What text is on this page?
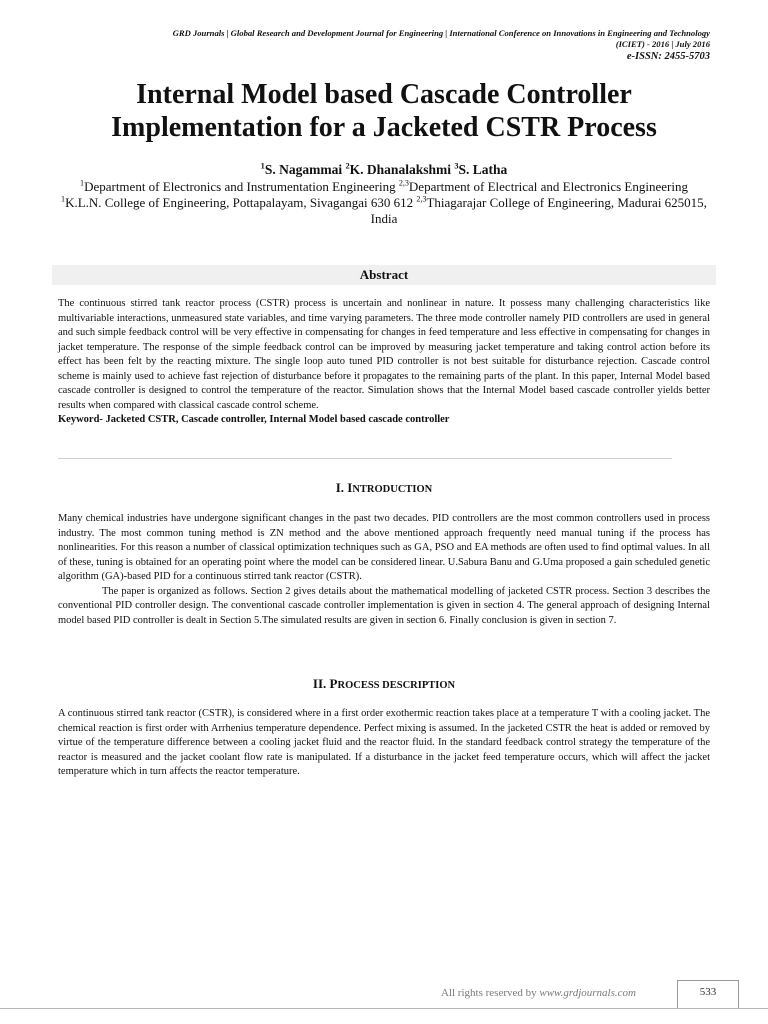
GRD Journals | Global Research and Development Journal for Engineering | International Conference on Innovations in Engineering and Technology
(ICIET) - 2016 | July 2016
e-ISSN: 2455-5703
Internal Model based Cascade Controller
Implementation for a Jacketed CSTR Process
$^1$S. Nagammai $^2$K. Dhanalakshmi $^3$S. Latha

$^1$Department of Electronics and Instrumentation Engineering $^{2,3}$Department of Electrical and Electronics Engineering

$^1$K.L.N. College of Engineering, Pottapalayam, Sivagangai 630 612 $^{2,3}$Thiagarajar College of Engineering, Madurai 625015, India

Abstract

The continuous stirred tank reactor process (CSTR) process is uncertain and nonlinear in nature. It possess many challenging characteristics like multivariable interactions, unmeasured state variables, and time varying parameters. The three mode controller namely PID controllers are used in general and such simple feedback control will be very effective in compensating for changes in feed temperature and less effective in compensating for changes in jacket temperature. The response of the simple feedback control can be improved by measuring jacket temperature and taking control action before its effect has been felt by the reacting mixture. The single loop auto tuned PID controller is not best suitable for disturbance rejection. Cascade control scheme is mainly used to achieve fast rejection of disturbance before it propagates to the remaining parts of the plant. In this paper, Internal Model based cascade controller is designed to control the temperature of the reactor. Simulation shows that the Internal Model based cascade controller yields better results when compared with classical cascade control scheme.

Keyword- Jacketed CSTR, Cascade controller, Internal Model based cascade controller

I. INTRODUCTION

Many chemical industries have undergone significant changes in the past two decades. PID controllers are the most common controllers used in process industry. The most common tuning method is ZN method and the above mentioned approach frequently need manual tuning if the process has nonlinearities. For this reason a number of classical optimization techniques such as GA, PSO and EA methods are often used to find optimal values. In all of these, tuning is obtained for an operating point where the model can be considered linear. U.Sabura Banu and G.Uma proposed a gain scheduled genetic algorithm (GA)-based PID for a continuous stirred tank reactor (CSTR).

The paper is organized as follows. Section 2 gives details about the mathematical modelling of jacketed CSTR process. Section 3 describes the conventional PID controller design. The conventional cascade controller implementation is given in section 4. The general approach of designing Internal model based PID controller is dealt in Section 5.The simulated results are given in section 6. Finally conclusion is given in section 7.

II. PROCESS DESCRIPTION

A continuous stirred tank reactor (CSTR), is considered where in a first order exothermic reaction takes place at a temperature T with a cooling jacket. The chemical reaction is first order with Arrhenius temperature dependence. Perfect mixing is assumed. In the jacketed CSTR the heat is added or removed by virtue of the temperature difference between a cooling jacket fluid and the reactor fluid. In the standard feedback control strategy the temperature of the reactor is measured and the jacket coolant flow rate is manipulated. If a disturbance in the jacket feed temperature occurs, which will affect the jacket temperature which in turn affects the reactor temperature.

All rights reserved by www.grdjournals.com	533
